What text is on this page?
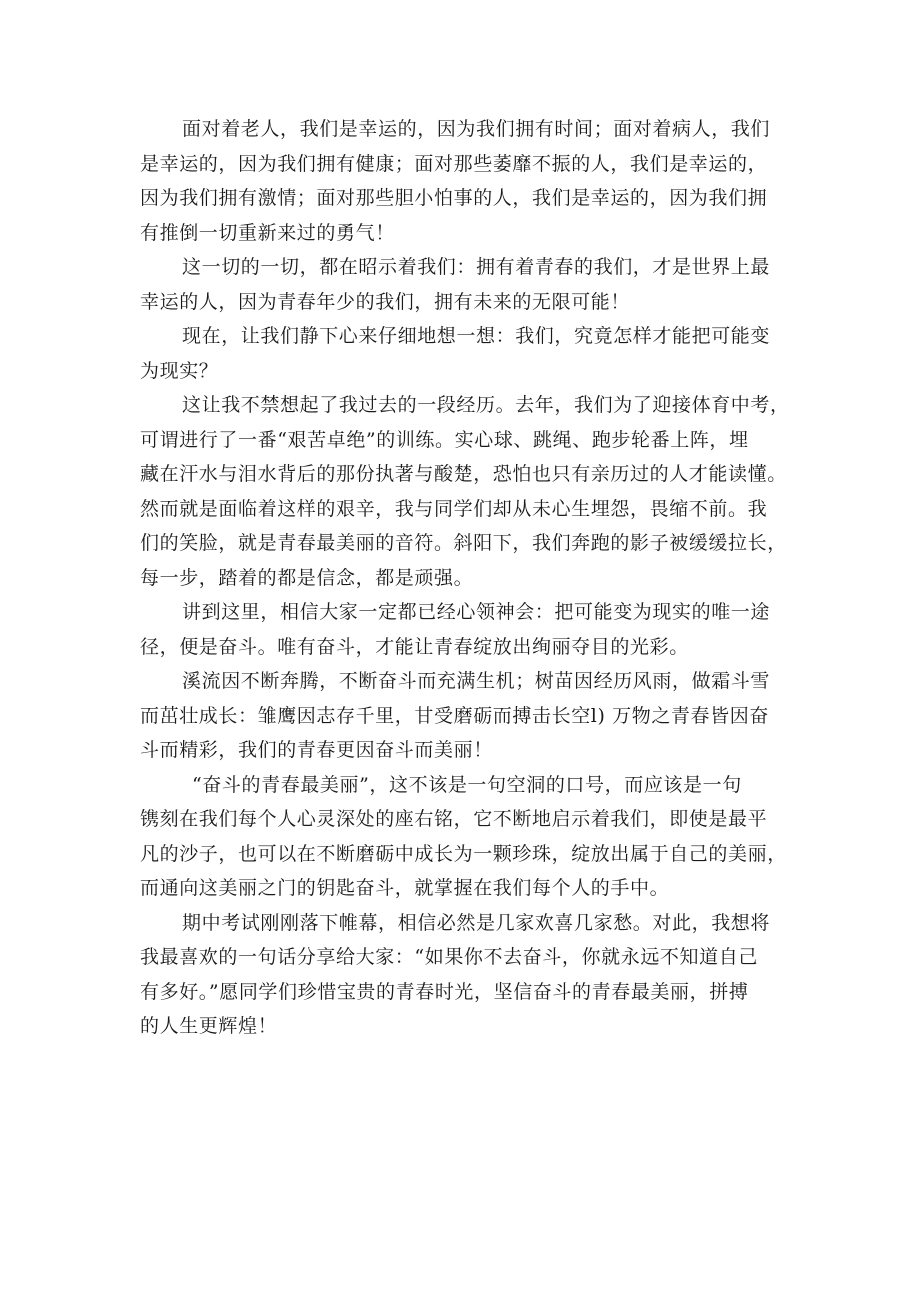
面对着老人，我们是幸运的，因为我们拥有时间；面对着病人，我们
是幸运的，因为我们拥有健康；面对那些萎靡不振的人，我们是幸运的，
因为我们拥有激情；面对那些胆小怕事的人，我们是幸运的，因为我们拥
有推倒一切重新来过的勇气！
这一切的一切，都在昭示着我们：拥有着青春的我们，才是世界上最
幸运的人，因为青春年少的我们，拥有未来的无限可能！
现在，让我们静下心来仔细地想一想：我们，究竟怎样才能把可能变
为现实？
这让我不禁想起了我过去的一段经历。去年，我们为了迎接体育中考，
可谓进行了一番“艰苦卓绝”的训练。实心球、跳绳、跑步轮番上阵，埋
藏在汗水与泪水背后的那份执著与酸楚，恐怕也只有亲历过的人才能读懂。
然而就是面临着这样的艰辛，我与同学们却从未心生埋怨，畏缩不前。我
们的笑脸，就是青春最美丽的音符。斜阳下，我们奔跑的影子被缓缓拉长，
每一步，踏着的都是信念，都是顽强。
讲到这里，相信大家一定都已经心领神会：把可能变为现实的唯一途
径，便是奋斗。唯有奋斗，才能让青春绽放出绚丽夺目的光彩。
溪流因不断奔腾，不断奋斗而充满生机；树苗因经历风雨，做霜斗雪
而茁壮成长：雏鹰因志存千里，甘受磨砺而搏击长空l) 万物之青春皆因奋
斗而精彩，我们的青春更因奋斗而美丽！
“奋斗的青春最美丽”，这不该是一句空洞的口号，而应该是一句
镌刻在我们每个人心灵深处的座右铭，它不断地启示着我们，即使是最平
凡的沙子，也可以在不断磨砺中成长为一颗珍珠，绽放出属于自己的美丽，
而通向这美丽之门的钥匙奋斗，就掌握在我们每个人的手中。
期中考试刚刚落下帷幕，相信必然是几家欢喜几家愁。对此，我想将
我最喜欢的一句话分享给大家：“如果你不去奋斗，你就永远不知道自己
有多好。”愿同学们珍惜宝贵的青春时光，坚信奋斗的青春最美丽，拼搏
的人生更辉煌！
